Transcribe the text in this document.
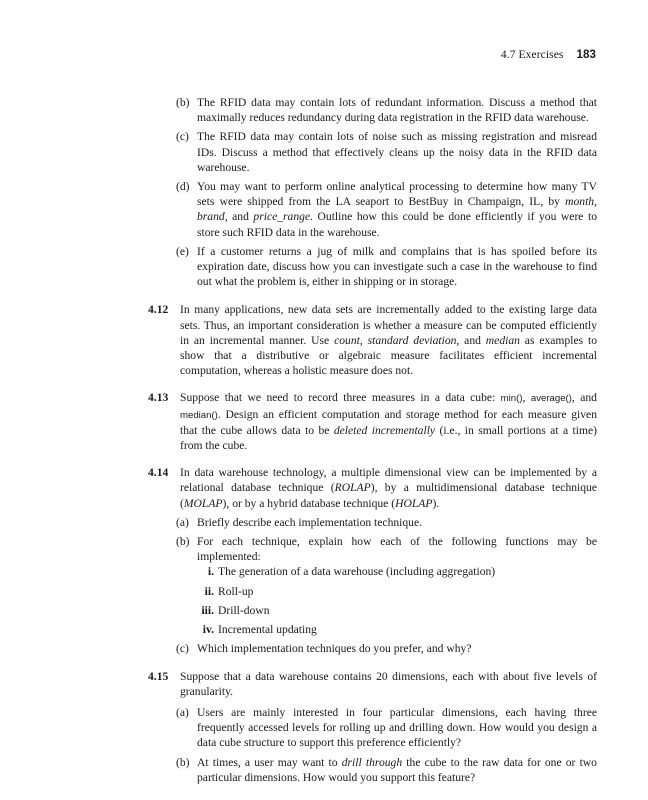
4.7 Exercises 183
(b) The RFID data may contain lots of redundant information. Discuss a method that maximally reduces redundancy during data registration in the RFID data warehouse.
(c) The RFID data may contain lots of noise such as missing registration and misread IDs. Discuss a method that effectively cleans up the noisy data in the RFID data warehouse.
(d) You may want to perform online analytical processing to determine how many TV sets were shipped from the LA seaport to BestBuy in Champaign, IL, by month, brand, and price_range. Outline how this could be done efficiently if you were to store such RFID data in the warehouse.
(e) If a customer returns a jug of milk and complains that is has spoiled before its expiration date, discuss how you can investigate such a case in the warehouse to find out what the problem is, either in shipping or in storage.
4.12 In many applications, new data sets are incrementally added to the existing large data sets. Thus, an important consideration is whether a measure can be computed efficiently in an incremental manner. Use count, standard deviation, and median as examples to show that a distributive or algebraic measure facilitates efficient incremental computation, whereas a holistic measure does not.
4.13 Suppose that we need to record three measures in a data cube: min(), average(), and median(). Design an efficient computation and storage method for each measure given that the cube allows data to be deleted incrementally (i.e., in small portions at a time) from the cube.
4.14 In data warehouse technology, a multiple dimensional view can be implemented by a relational database technique (ROLAP), by a multidimensional database technique (MOLAP), or by a hybrid database technique (HOLAP).
(a) Briefly describe each implementation technique.
(b) For each technique, explain how each of the following functions may be implemented:
i. The generation of a data warehouse (including aggregation)
ii. Roll-up
iii. Drill-down
iv. Incremental updating
(c) Which implementation techniques do you prefer, and why?
4.15 Suppose that a data warehouse contains 20 dimensions, each with about five levels of granularity.
(a) Users are mainly interested in four particular dimensions, each having three frequently accessed levels for rolling up and drilling down. How would you design a data cube structure to support this preference efficiently?
(b) At times, a user may want to drill through the cube to the raw data for one or two particular dimensions. How would you support this feature?
